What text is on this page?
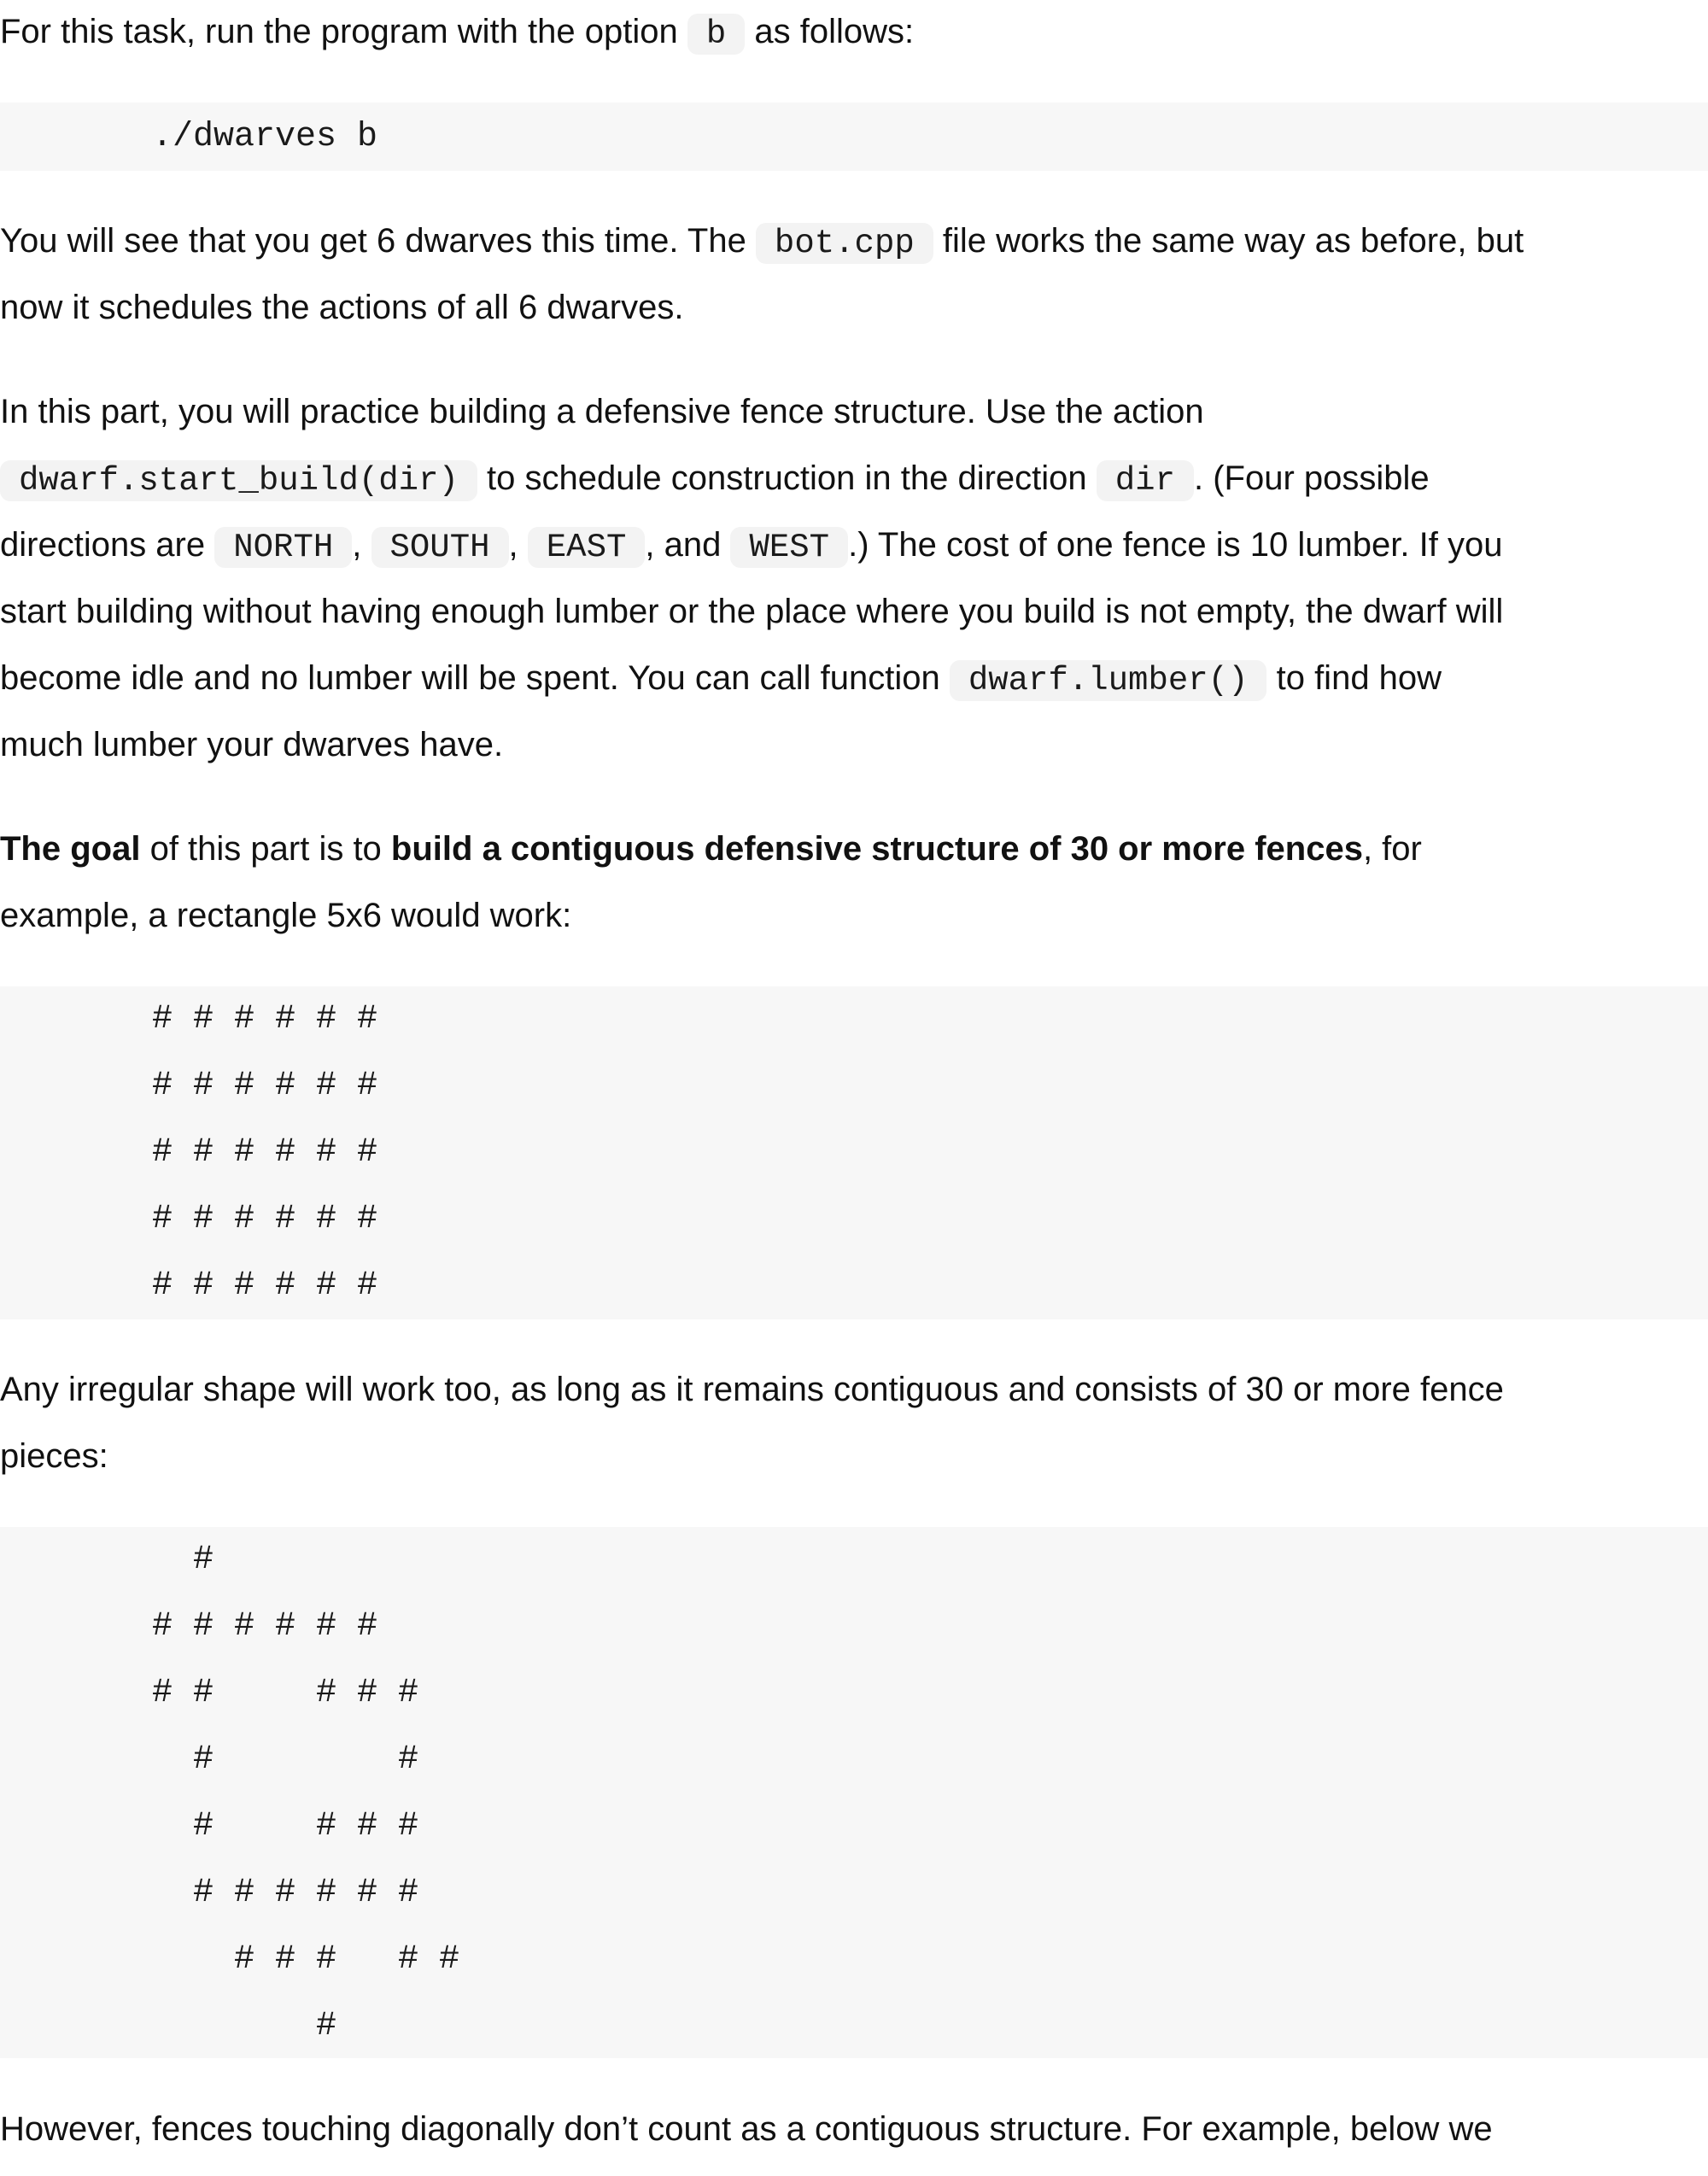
For this task, run the program with the option b as follows:

./dwarves b

You will see that you get 6 dwarves this time. The bot.cpp file works the same way as before, but

now it schedules the actions of all 6 dwarves.

In this part, you will practice building a defensive fence structure. Use the action

dwarf.start_build(dir) to schedule construction in the direction dir . (Four possible

directions are NORTH , SOUTH , EAST , and WEST .) The cost of one fence is 10 lumber. If you

start building without having enough lumber or the place where you build is not empty, the dwarf will

become idle and no lumber will be spent. You can call function dwarf.lumber() to find how

much lumber your dwarves have.

The goal of this part is to build a contiguous defensive structure of 30 or more fences, for

example, a rectangle 5x6 would work:

# # # # # #
# # # # # #
# # # # # #
# # # # # #
# # # # # #

Any irregular shape will work too, as long as it remains contiguous and consists of 30 or more fence

pieces:

#
# # # # # #
# #     # # #
#         #
#     # # #
# # # # # #
# # #   # #
#

However, fences touching diagonally don’t count as a contiguous structure. For example, below we
